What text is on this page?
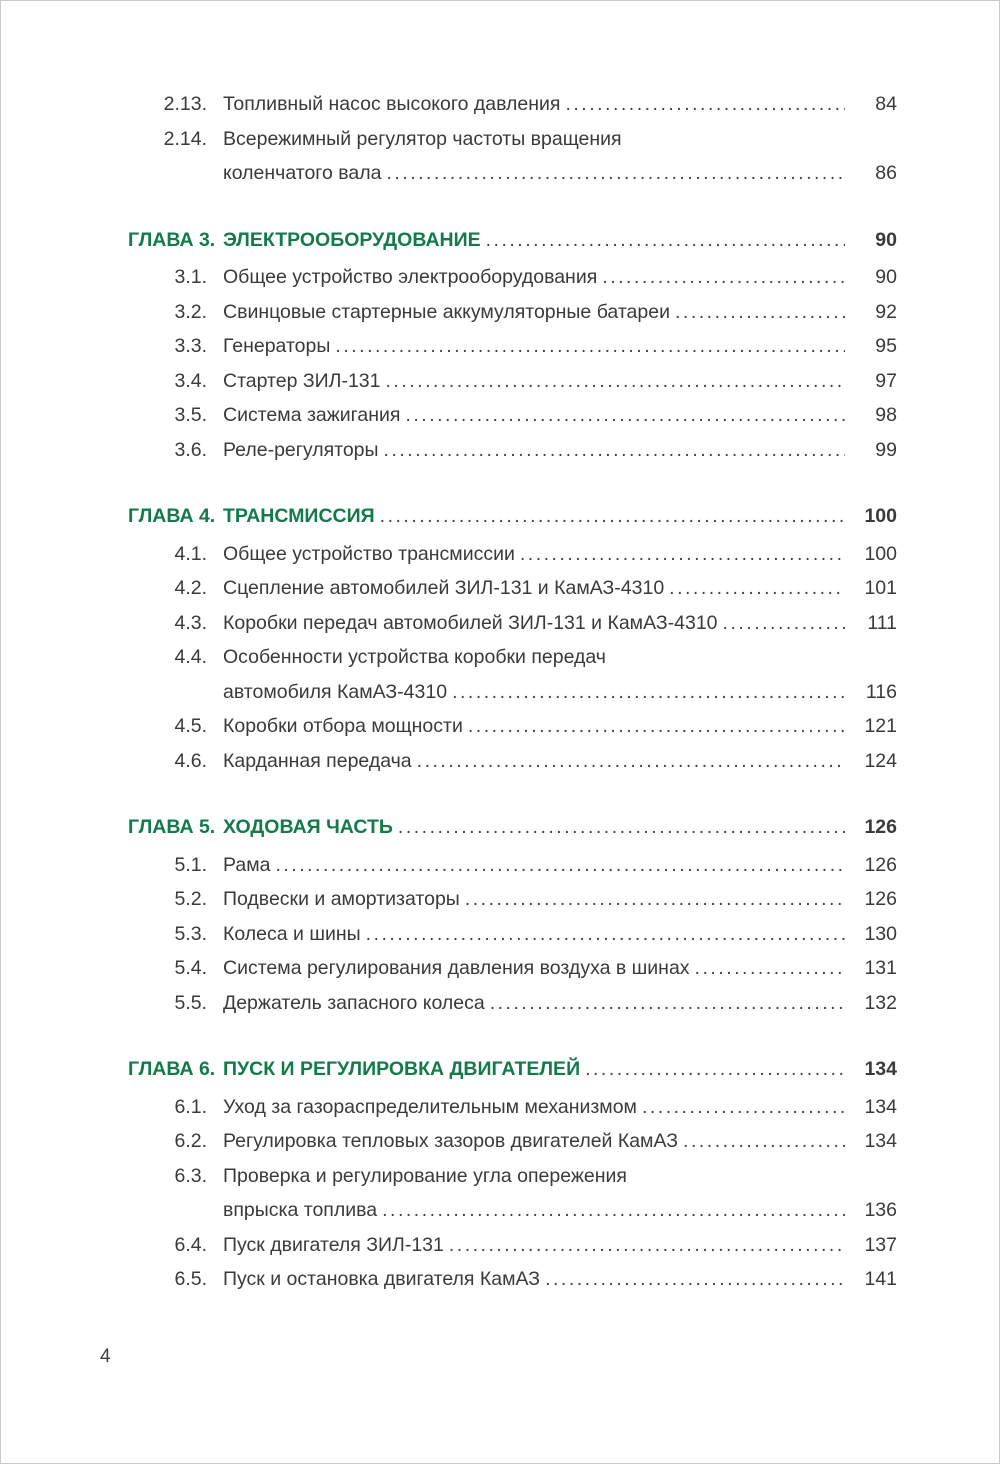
2.13. Топливный насос высокого давления .....	84
2.14. Всережимный регулятор частоты вращения
коленчатого вала .....	86
ГЛАВА 3. ЭЛЕКТРООБОРУДОВАНИЕ .....	90
3.1. Общее устройство электрооборудования .....	90
3.2. Свинцовые стартерные аккумуляторные батареи .....	92
3.3. Генераторы .....	95
3.4. Стартер ЗИЛ-131 .....	97
3.5. Система зажигания .....	98
3.6. Реле-регуляторы .....	99
ГЛАВА 4. ТРАНСМИССИЯ .....	100
4.1. Общее устройство трансмиссии .....	100
4.2. Сцепление автомобилей ЗИЛ-131 и КамАЗ-4310 .....	101
4.3. Коробки передач автомобилей ЗИЛ-131 и КамАЗ-4310 .....	111
4.4. Особенности устройства коробки передач
автомобиля КамАЗ-4310 .....	116
4.5. Коробки отбора мощности .....	121
4.6. Карданная передача .....	124
ГЛАВА 5. ХОДОВАЯ ЧАСТЬ .....	126
5.1. Рама .....	126
5.2. Подвески и амортизаторы .....	126
5.3. Колеса и шины .....	130
5.4. Система регулирования давления воздуха в шинах .....	131
5.5. Держатель запасного колеса .....	132
ГЛАВА 6. ПУСК И РЕГУЛИРОВКА ДВИГАТЕЛЕЙ .....	134
6.1. Уход за газораспределительным механизмом .....	134
6.2. Регулировка тепловых зазоров двигателей КамАЗ .....	134
6.3. Проверка и регулирование угла опережения
впрыска топлива .....	136
6.4. Пуск двигателя ЗИЛ-131 .....	137
6.5. Пуск и остановка двигателя КамАЗ .....	141
4
